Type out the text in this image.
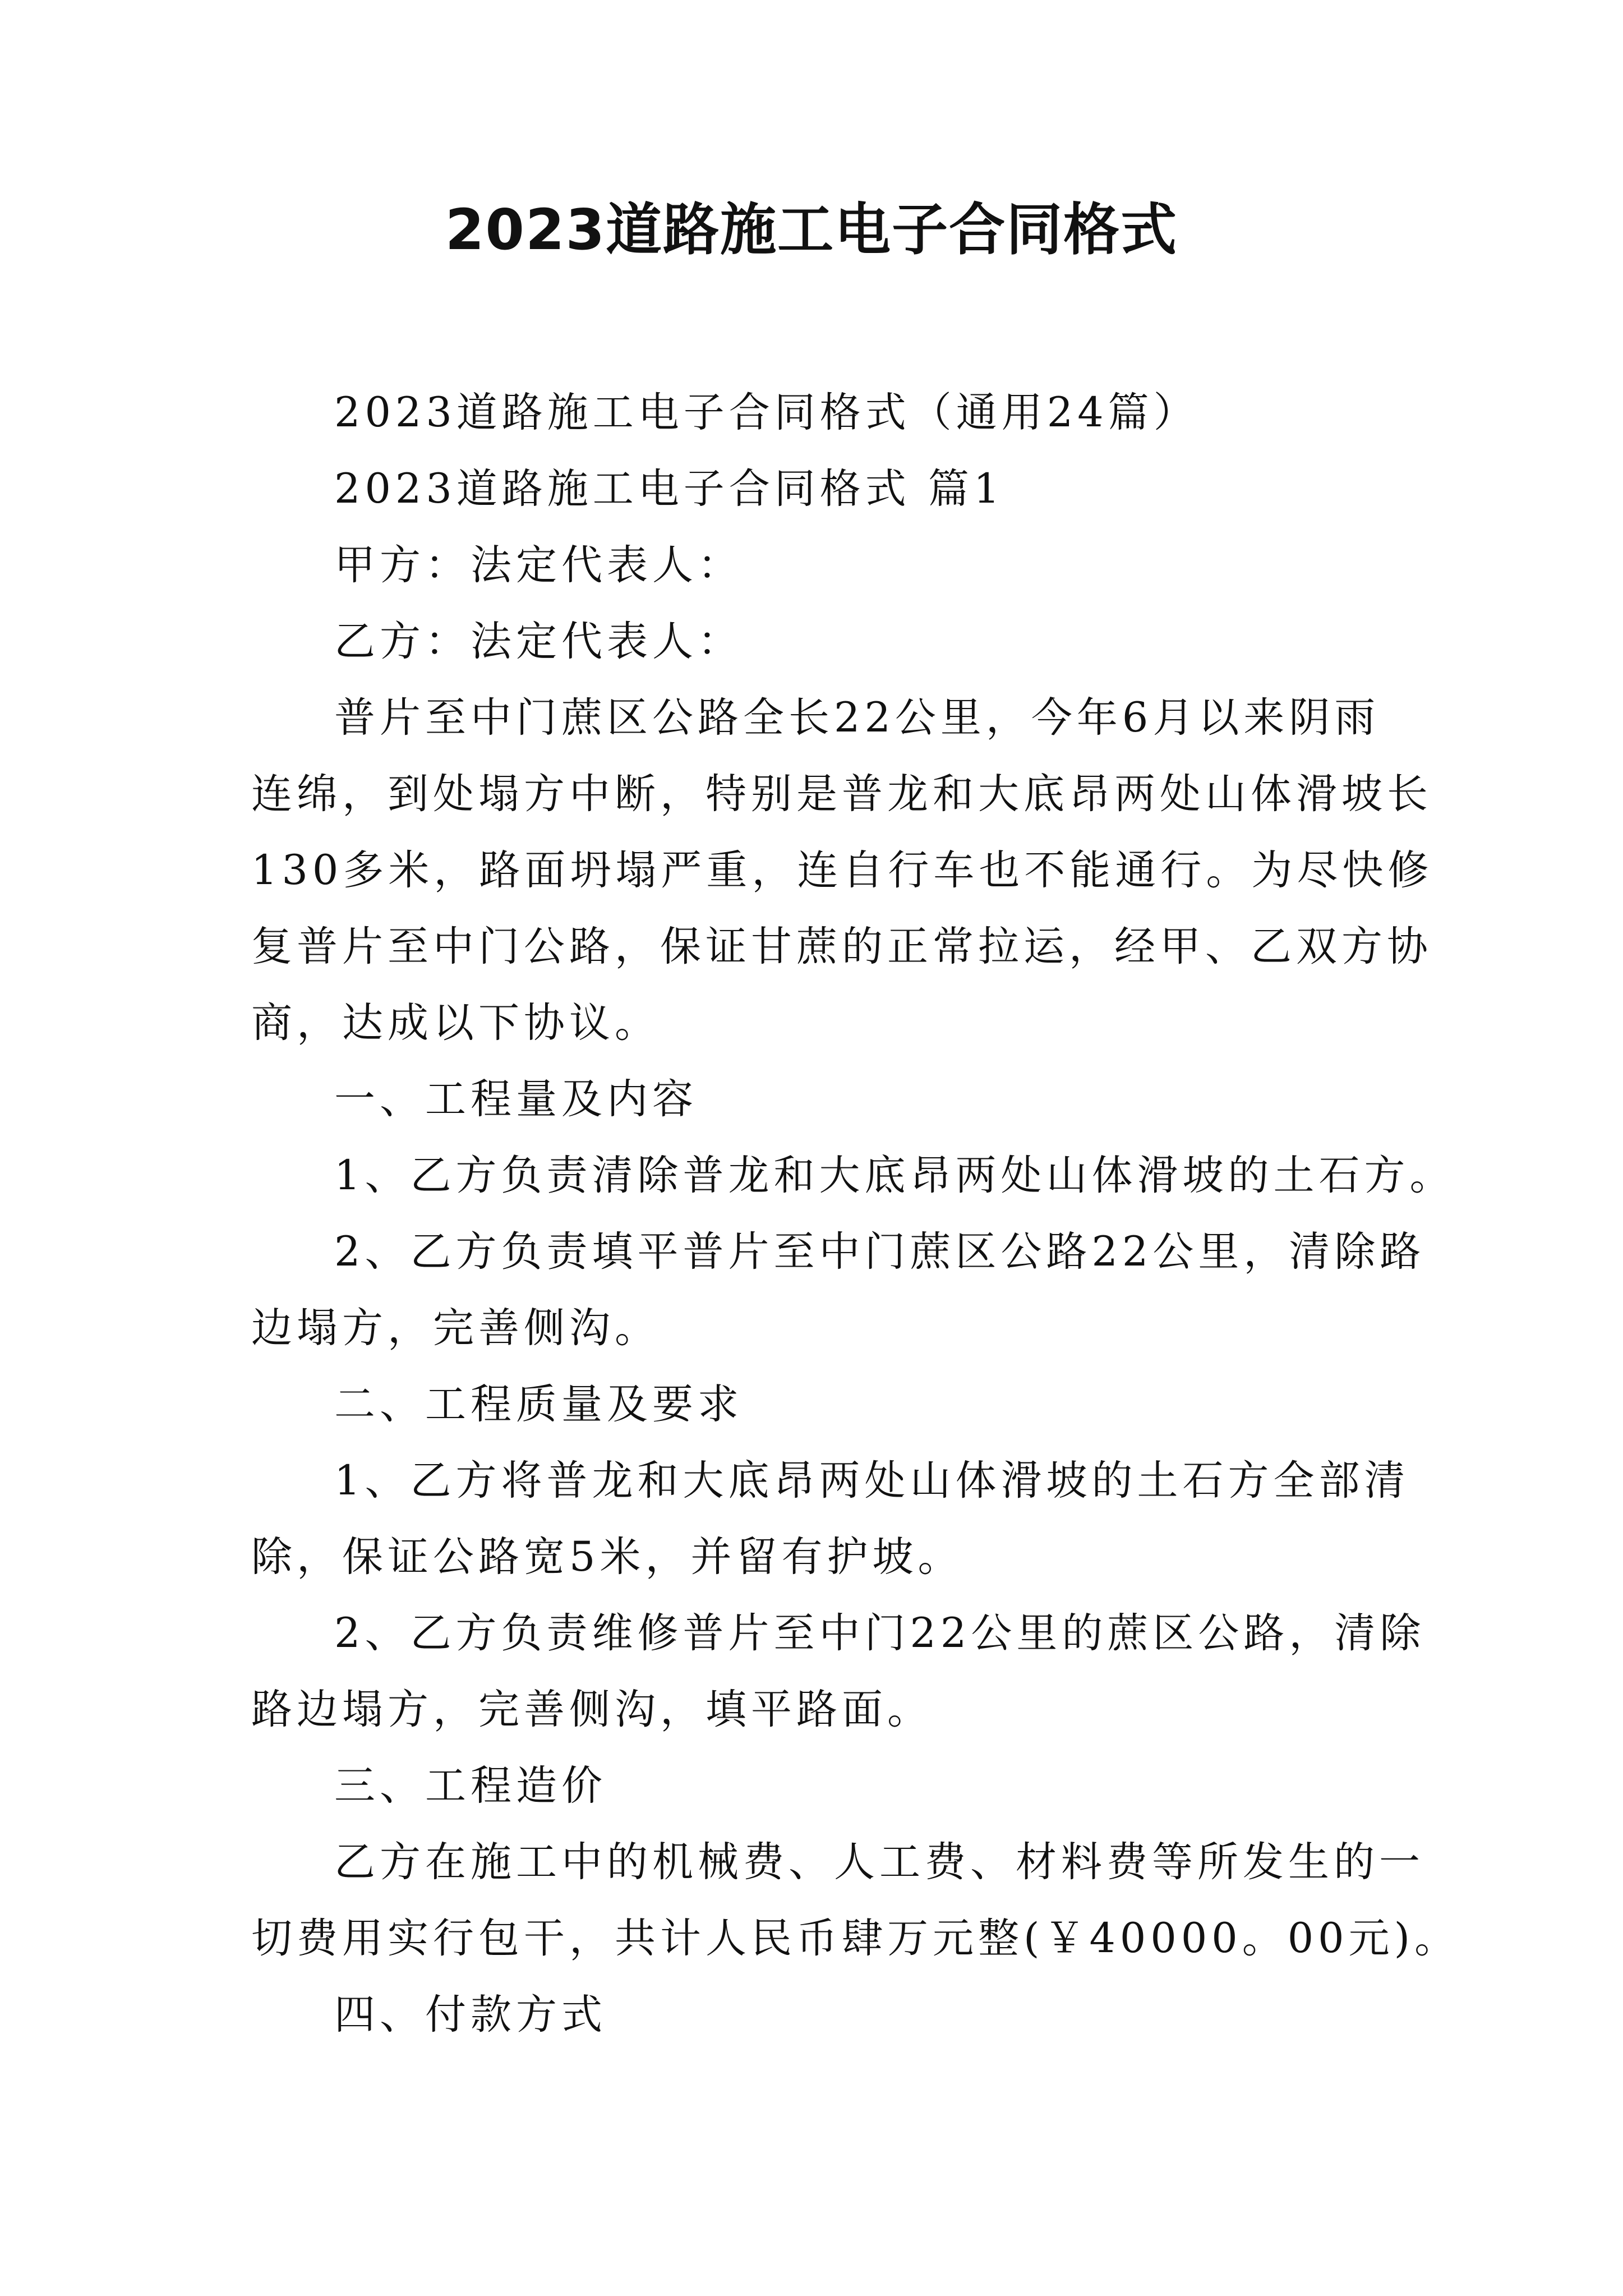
2023道路施工电子合同格式
2023道路施工电子合同格式（通用24篇）
2023道路施工电子合同格式 篇1
甲方：法定代表人：
乙方：法定代表人：
普片至中门蔗区公路全长22公里，今年6月以来阴雨
连绵，到处塌方中断，特别是普龙和大底昂两处山体滑坡长
130多米，路面坍塌严重，连自行车也不能通行。为尽快修
复普片至中门公路，保证甘蔗的正常拉运，经甲、乙双方协
商，达成以下协议。
一、工程量及内容
1、乙方负责清除普龙和大底昂两处山体滑坡的土石方。
2、乙方负责填平普片至中门蔗区公路22公里，清除路
边塌方，完善侧沟。
二、工程质量及要求
1、乙方将普龙和大底昂两处山体滑坡的土石方全部清
除，保证公路宽5米，并留有护坡。
2、乙方负责维修普片至中门22公里的蔗区公路，清除
路边塌方，完善侧沟，填平路面。
三、工程造价
乙方在施工中的机械费、人工费、材料费等所发生的一
切费用实行包干，共计人民币肆万元整(￥40000。00元)。
四、付款方式
